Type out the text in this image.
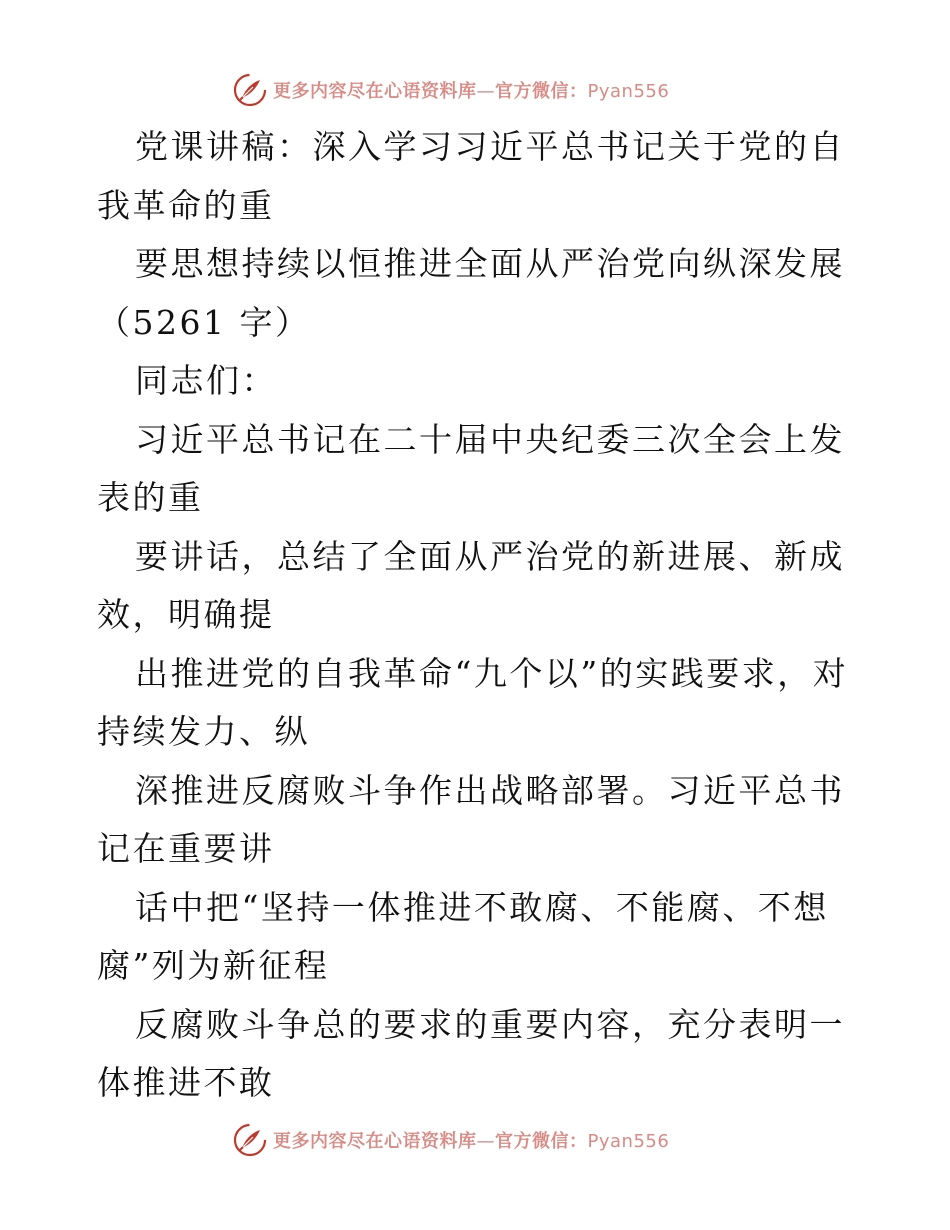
更多内容尽在心语资料库—官方微信：Pyan556

党课讲稿：深入学习习近平总书记关于党的自我革命的重

要思想持续以恒推进全面从严治党向纵深发展（5261 字）

同志们：

习近平总书记在二十届中央纪委三次全会上发表的重

要讲话，总结了全面从严治党的新进展、新成效，明确提

出推进党的自我革命“九个以”的实践要求，对持续发力、纵

深推进反腐败斗争作出战略部署。习近平总书记在重要讲

话中把“坚持一体推进不敢腐、不能腐、不想腐”列为新征程

反腐败斗争总的要求的重要内容，充分表明一体推进不敢

更多内容尽在心语资料库—官方微信：Pyan556
